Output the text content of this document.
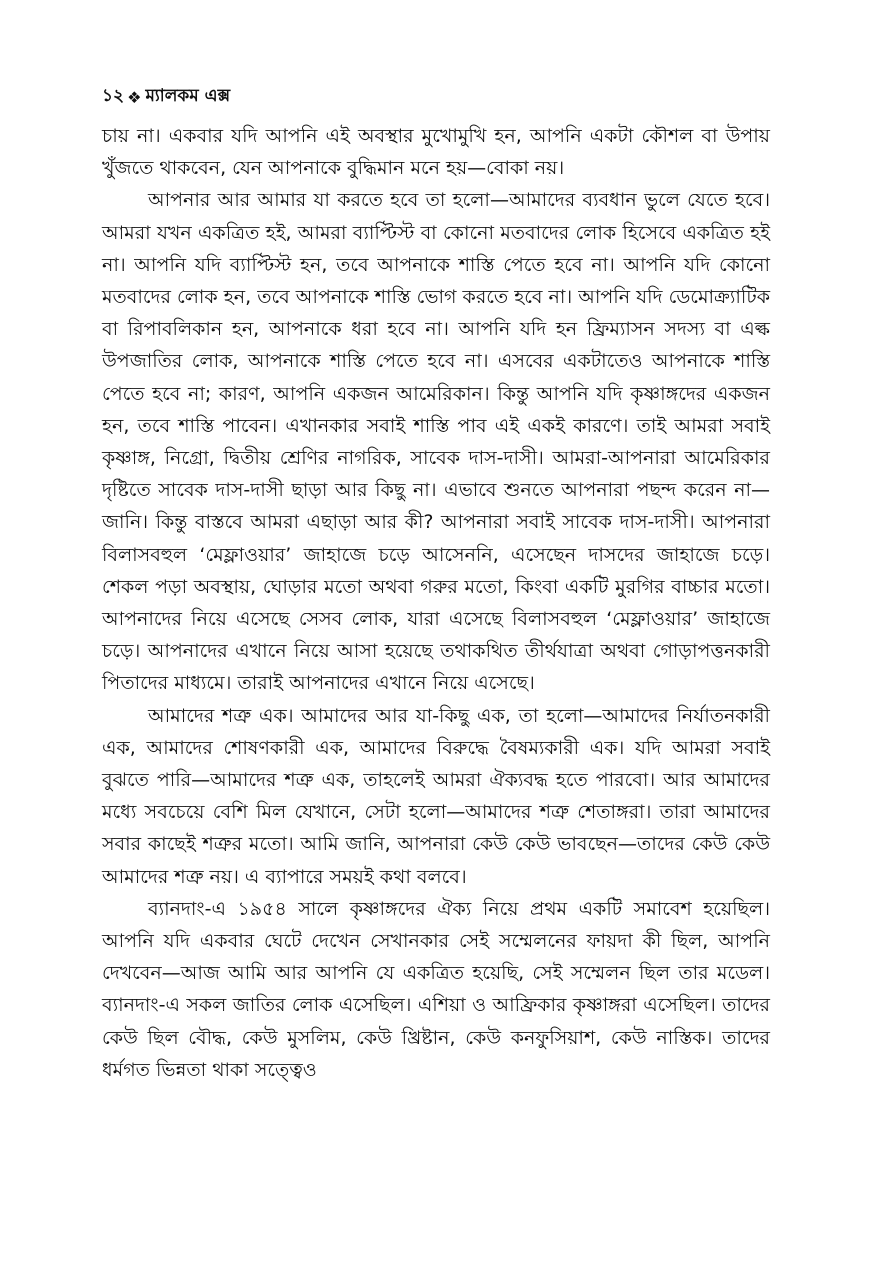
১২ ❖ ম্যালকম এক্স

চায় না। একবার যদি আপনি এই অবস্থার মুখোমুখি হন, আপনি একটা কৌশল বা উপায় খুঁজতে থাকবেন, যেন আপনাকে বুদ্ধিমান মনে হয়—বোকা নয়।

আপনার আর আমার যা করতে হবে তা হলো—আমাদের ব্যবধান ভুলে যেতে হবে। আমরা যখন একত্রিত হই, আমরা ব্যাপ্টিস্ট বা কোনো মতবাদের লোক হিসেবে একত্রিত হই না। আপনি যদি ব্যাপ্টিস্ট হন, তবে আপনাকে শাস্তি পেতে হবে না। আপনি যদি কোনো মতবাদের লোক হন, তবে আপনাকে শাস্তি ভোগ করতে হবে না। আপনি যদি ডেমোক্র্যাটিক বা রিপাবলিকান হন, আপনাকে ধরা হবে না। আপনি যদি হন ফ্রিম্যাসন সদস্য বা এল্ক উপজাতির লোক, আপনাকে শাস্তি পেতে হবে না। এসবের একটাতেও আপনাকে শাস্তি পেতে হবে না; কারণ, আপনি একজন আমেরিকান। কিন্তু আপনি যদি কৃষ্ণাঙ্গদের একজন হন, তবে শাস্তি পাবেন। এখানকার সবাই শাস্তি পাব এই একই কারণে। তাই আমরা সবাই কৃষ্ণাঙ্গ, নিগ্রো, দ্বিতীয় শ্রেণির নাগরিক, সাবেক দাস-দাসী। আমরা-আপনারা আমেরিকার দৃষ্টিতে সাবেক দাস-দাসী ছাড়া আর কিছু না। এভাবে শুনতে আপনারা পছন্দ করেন না—জানি। কিন্তু বাস্তবে আমরা এছাড়া আর কী? আপনারা সবাই সাবেক দাস-দাসী। আপনারা বিলাসবহুল ‘মেফ্লাওয়ার’ জাহাজে চড়ে আসেননি, এসেছেন দাসদের জাহাজে চড়ে। শেকল পড়া অবস্থায়, ঘোড়ার মতো অথবা গরুর মতো, কিংবা একটি মুরগির বাচ্চার মতো। আপনাদের নিয়ে এসেছে সেসব লোক, যারা এসেছে বিলাসবহুল ‘মেফ্লাওয়ার’ জাহাজে চড়ে। আপনাদের এখানে নিয়ে আসা হয়েছে তথাকথিত তীর্থযাত্রা অথবা গোড়াপত্তনকারী পিতাদের মাধ্যমে। তারাই আপনাদের এখানে নিয়ে এসেছে।

আমাদের শত্রু এক। আমাদের আর যা-কিছু এক, তা হলো—আমাদের নির্যাতনকারী এক, আমাদের শোষণকারী এক, আমাদের বিরুদ্ধে বৈষম্যকারী এক। যদি আমরা সবাই বুঝতে পারি—আমাদের শত্রু এক, তাহলেই আমরা ঐক্যবদ্ধ হতে পারবো। আর আমাদের মধ্যে সবচেয়ে বেশি মিল যেখানে, সেটা হলো—আমাদের শত্রু শেতাঙ্গরা। তারা আমাদের সবার কাছেই শত্রুর মতো। আমি জানি, আপনারা কেউ কেউ ভাবছেন—তাদের কেউ কেউ আমাদের শত্রু নয়। এ ব্যাপারে সময়ই কথা বলবে।

ব্যানদাং-এ ১৯৫৪ সালে কৃষ্ণাঙ্গদের ঐক্য নিয়ে প্রথম একটি সমাবেশ হয়েছিল। আপনি যদি একবার ঘেটে দেখেন সেখানকার সেই সম্মেলনের ফায়দা কী ছিল, আপনি দেখবেন—আজ আমি আর আপনি যে একত্রিত হয়েছি, সেই সম্মেলন ছিল তার মডেল। ব্যানদাং-এ সকল জাতির লোক এসেছিল। এশিয়া ও আফ্রিকার কৃষ্ণাঙ্গরা এসেছিল। তাদের কেউ ছিল বৌদ্ধ, কেউ মুসলিম, কেউ খ্রিষ্টান, কেউ কনফুসিয়াশ, কেউ নাস্তিক। তাদের ধর্মগত ভিন্নতা থাকা সত্ত্বেও
